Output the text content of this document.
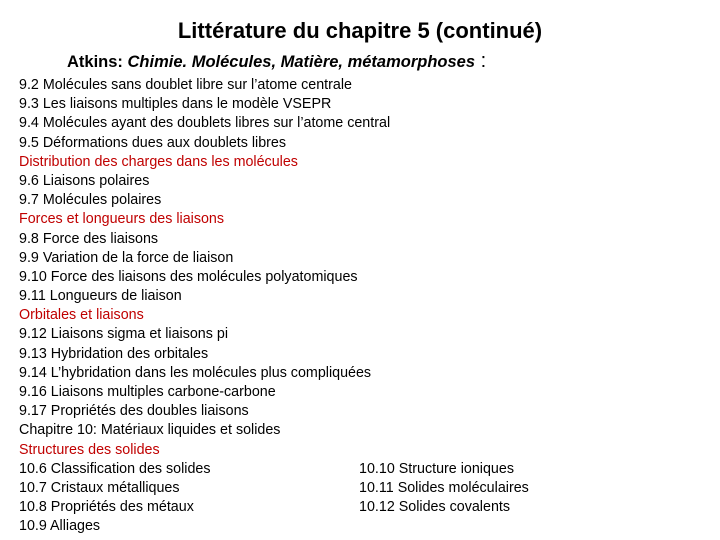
Littérature du chapitre 5 (continué)
Atkins: Chimie. Molécules, Matière, métamorphoses :
9.2 Molécules sans doublet libre sur l’atome centrale
9.3 Les liaisons multiples dans le modèle VSEPR
9.4 Molécules ayant des doublets libres sur l’atome central
9.5 Déformations dues aux doublets libres
Distribution des charges dans les molécules
9.6 Liaisons polaires
9.7 Molécules polaires
Forces et longueurs des liaisons
9.8 Force des liaisons
9.9 Variation de la force de liaison
9.10 Force des liaisons des molécules polyatomiques
9.11 Longueurs de liaison
Orbitales et liaisons
9.12 Liaisons sigma et liaisons pi
9.13 Hybridation des orbitales
9.14 L’hybridation dans les molécules plus compliquées
9.16 Liaisons multiples carbone-carbone
9.17 Propriétés des doubles liaisons
Chapitre 10: Matériaux liquides et solides
Structures des solides
10.6 Classification des solides	10.10 Structure ioniques
10.7 Cristaux métalliques	10.11 Solides moléculaires
10.8 Propriétés des métaux	10.12 Solides covalents
10.9 Alliages
